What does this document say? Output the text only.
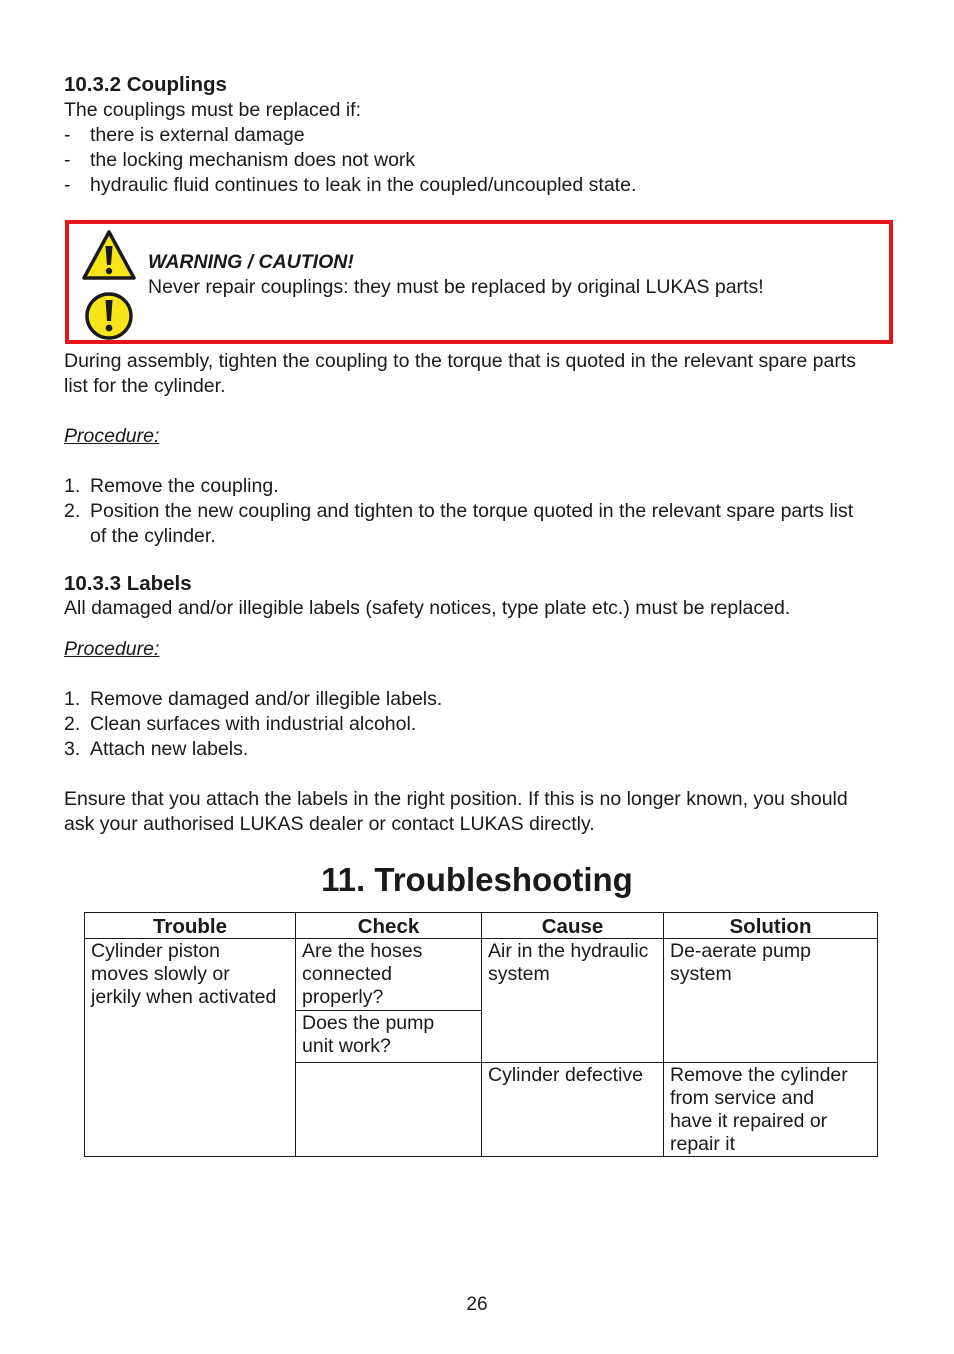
10.3.2 Couplings
The couplings must be replaced if:
- there is external damage
- the locking mechanism does not work
- hydraulic fluid continues to leak in the coupled/uncoupled state.

WARNING / CAUTION!
Never repair couplings: they must be replaced by original LUKAS parts!
During assembly, tighten the coupling to the torque that is quoted in the relevant spare parts
list for the cylinder.
Procedure:
1. Remove the coupling.
2. Position the new coupling and tighten to the torque quoted in the relevant spare parts list
of the cylinder.
10.3.3 Labels
All damaged and/or illegible labels (safety notices, type plate etc.) must be replaced.
Procedure:
1. Remove damaged and/or illegible labels.
2. Clean surfaces with industrial alcohol.
3. Attach new labels.
Ensure that you attach the labels in the right position. If this is no longer known, you should
ask your authorised LUKAS dealer or contact LUKAS directly.
11. Troubleshooting
Trouble	Check	Cause	Solution

Cylinder piston
moves slowly or
jerkily when activated	Are the hoses
connected
properly?	Air in the hydraulic
system	De-aerate pump
system

	Does the pump
unit work?		

		Cylinder defective	Remove the cylinder
from service and
have it repaired or
repair it
26
